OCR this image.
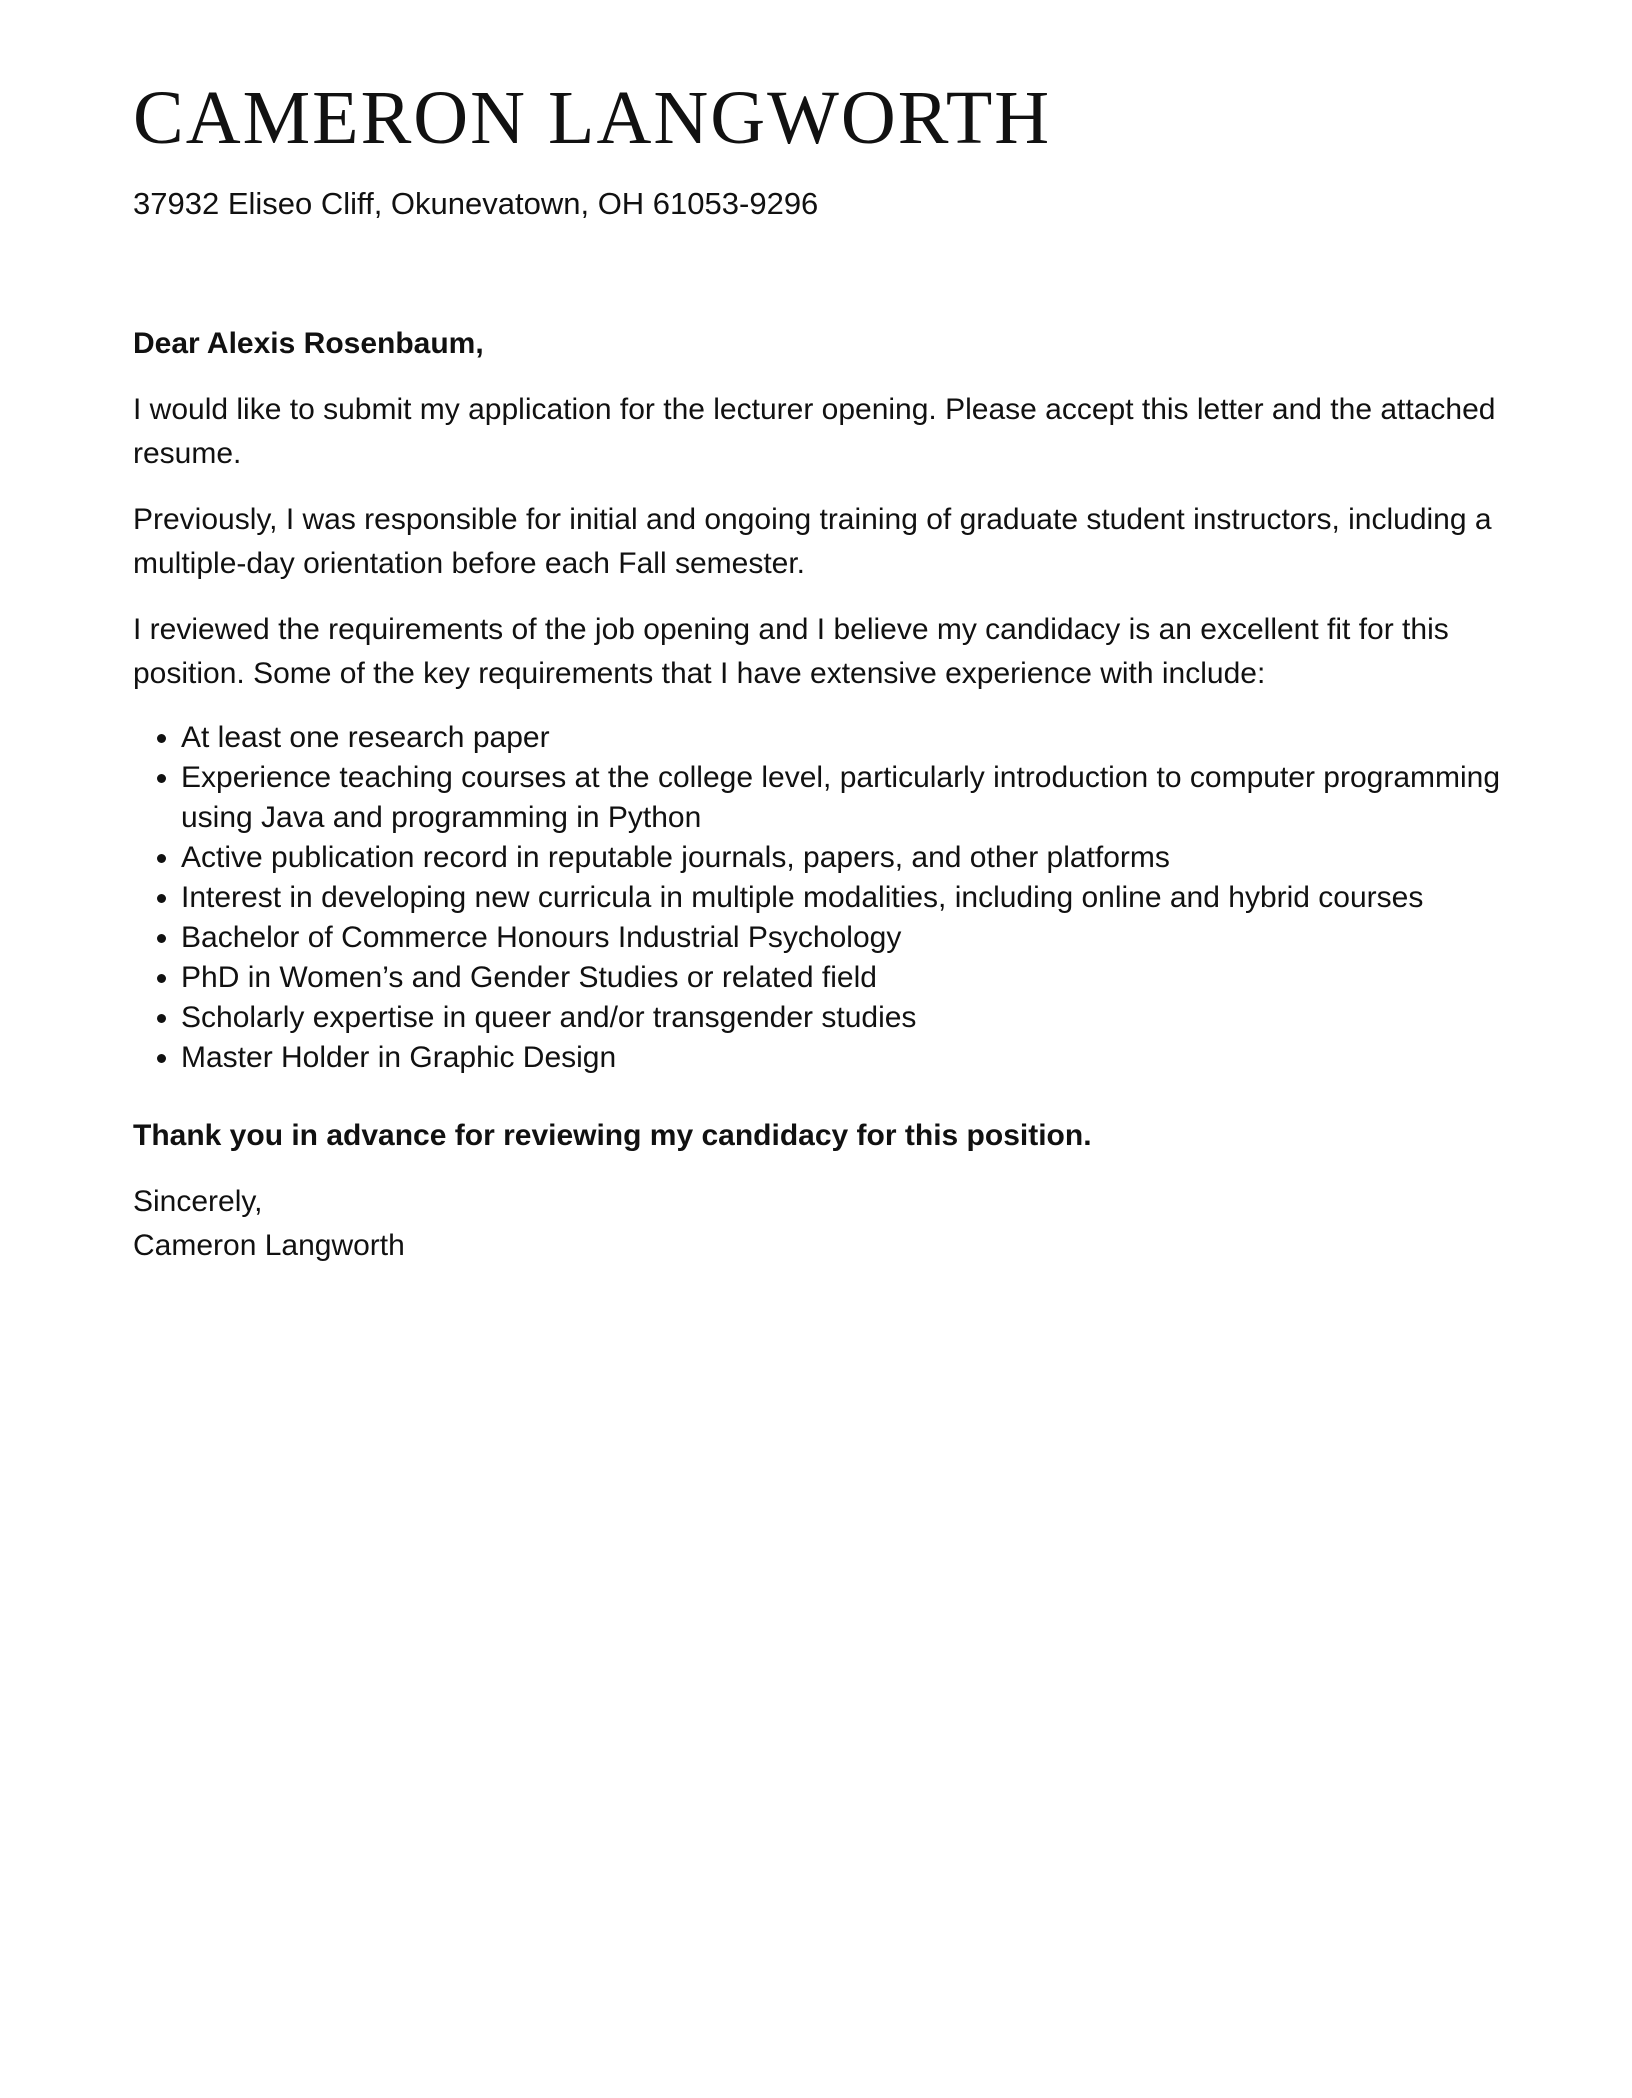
CAMERON LANGWORTH
37932 Eliseo Cliff, Okunevatown, OH 61053-9296
Dear Alexis Rosenbaum,
I would like to submit my application for the lecturer opening. Please accept this letter and the attached resume.
Previously, I was responsible for initial and ongoing training of graduate student instructors, including a multiple-day orientation before each Fall semester.
I reviewed the requirements of the job opening and I believe my candidacy is an excellent fit for this position. Some of the key requirements that I have extensive experience with include:
• At least one research paper
• Experience teaching courses at the college level, particularly introduction to computer programming using Java and programming in Python
• Active publication record in reputable journals, papers, and other platforms
• Interest in developing new curricula in multiple modalities, including online and hybrid courses
• Bachelor of Commerce Honours Industrial Psychology
• PhD in Women’s and Gender Studies or related field
• Scholarly expertise in queer and/or transgender studies
• Master Holder in Graphic Design
Thank you in advance for reviewing my candidacy for this position.
Sincerely,
Cameron Langworth
